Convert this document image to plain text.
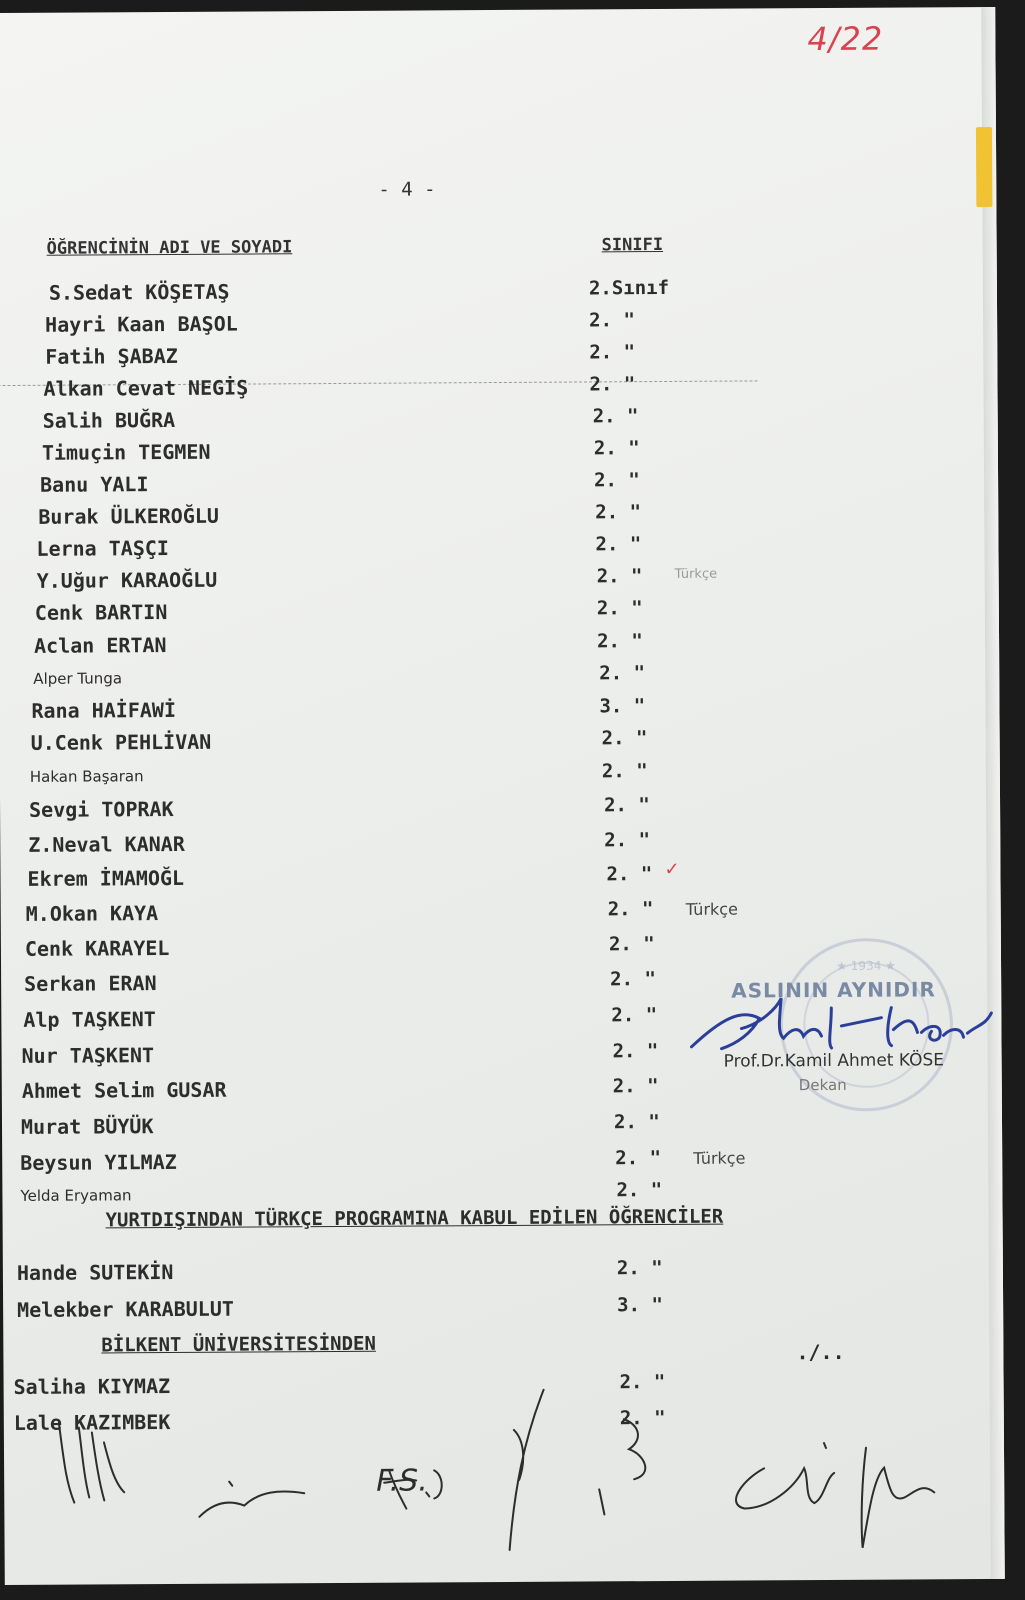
4/22
- 4 -
ÖĞRENCİNİN ADI VE SOYADI	SINIFI
S.Sedat KÖŞETAŞ	2.Sınıf
Hayri Kaan BAŞOL	2. "
Fatih ŞABAZ	2. "
Alkan Cevat NEGİŞ	2. "
Salih BUĞRA	2. "
Timuçin TEGMEN	2. "
Banu YALI	2. "
Burak ÜLKEROĞLU	2. "
Lerna TAŞÇI	2. "
Y.Uğur KARAOĞLU	2. " Türkçe
Cenk BARTIN	2. "
Aclan ERTAN	2. "
Alper Tunga	2. "
Rana HAİFAWİ	3. "
U.Cenk PEHLİVAN	2. "
Hakan Başaran	2. "
Sevgi TOPRAK	2. "
Z.Neval KANAR	2. "
Ekrem İMAMOĞL	2. " ✓
M.Okan KAYA	2. " Türkçe
Cenk KARAYEL	2. "
Serkan ERAN	2. "
Alp TAŞKENT	2. "
Nur TAŞKENT	2. "
Ahmet Selim GUSAR	2. "
Murat BÜYÜK	2. "
Beysun YILMAZ	2. " Türkçe
Yelda Eryaman	2. "
YURTDIŞINDAN TÜRKÇE PROGRAMINA KABUL EDİLEN ÖĞRENCİLER
Hande SUTEKİN	2. "
Melekber KARABULUT	3. "
BİLKENT ÜNİVERSİTESİNDEN	./..
Saliha KIYMAZ	2. "
Lale KAZIMBEK	2. "
★ 1934 ★
ASLININ AYNIDIR
Prof.Dr.Kamil Ahmet KÖSE
Dekan
F.S.
